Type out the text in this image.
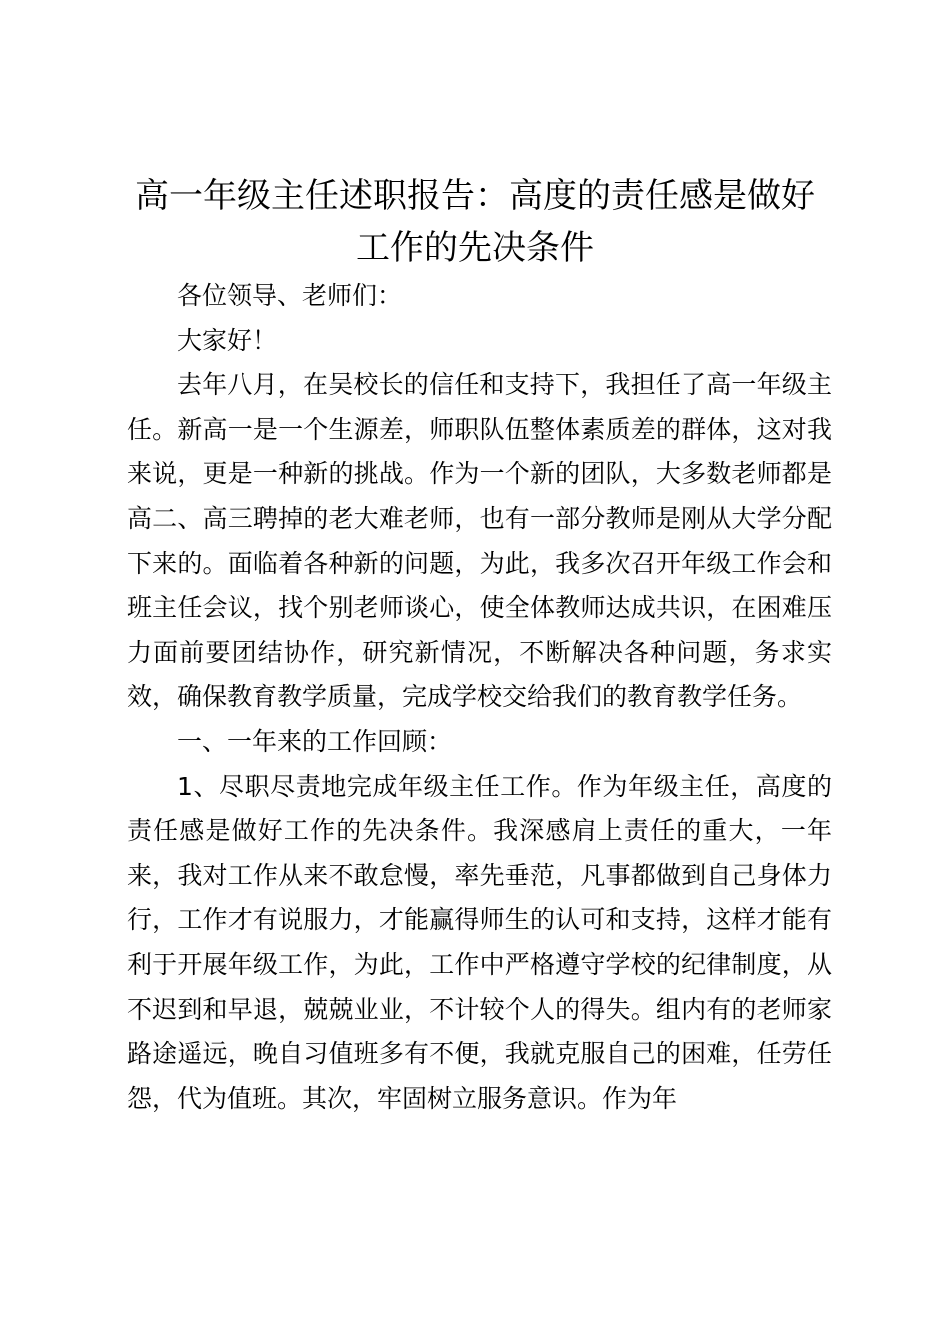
高一年级主任述职报告：高度的责任感是做好
工作的先决条件

各位领导、老师们：

大家好！

去年八月，在吴校长的信任和支持下，我担任了高一年级主任。新高一是一个生源差，师职队伍整体素质差的群体，这对我来说，更是一种新的挑战。作为一个新的团队，大多数老师都是高二、高三聘掉的老大难老师，也有一部分教师是刚从大学分配下来的。面临着各种新的问题，为此，我多次召开年级工作会和班主任会议，找个别老师谈心，使全体教师达成共识，在困难压力面前要团结协作，研究新情况，不断解决各种问题，务求实效，确保教育教学质量，完成学校交给我们的教育教学任务。

一、一年来的工作回顾：

1、尽职尽责地完成年级主任工作。作为年级主任，高度的责任感是做好工作的先决条件。我深感肩上责任的重大，一年来，我对工作从来不敢怠慢，率先垂范，凡事都做到自己身体力行，工作才有说服力，才能赢得师生的认可和支持，这样才能有利于开展年级工作，为此，工作中严格遵守学校的纪律制度，从不迟到和早退，兢兢业业，不计较个人的得失。组内有的老师家路途遥远，晚自习值班多有不便，我就克服自己的困难，任劳任怨，代为值班。其次，牢固树立服务意识。作为年
